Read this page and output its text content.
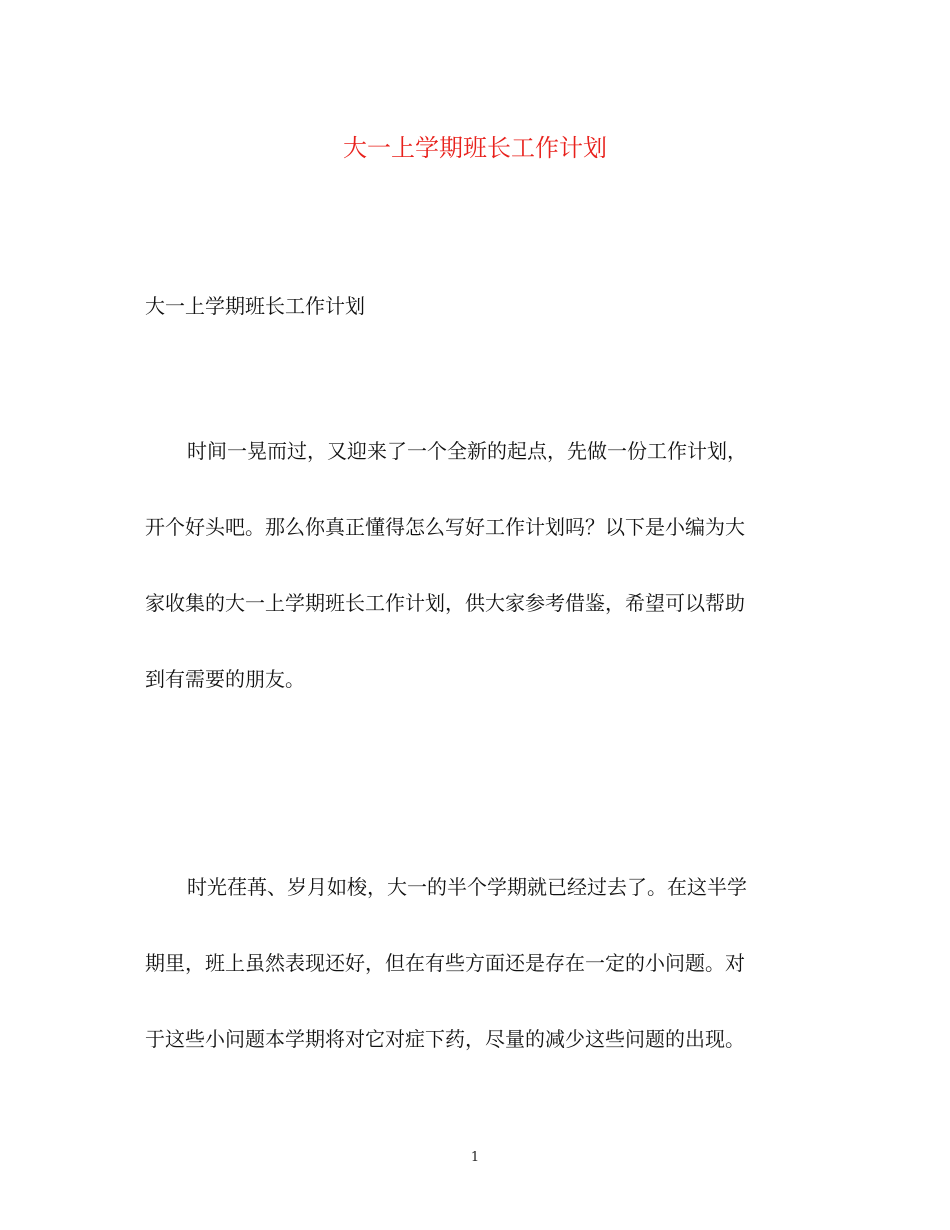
大一上学期班长工作计划
大一上学期班长工作计划
时间一晃而过，又迎来了一个全新的起点，先做一份工作计划，
开个好头吧。那么你真正懂得怎么写好工作计划吗？以下是小编为大
家收集的大一上学期班长工作计划，供大家参考借鉴，希望可以帮助
到有需要的朋友。
时光荏苒、岁月如梭，大一的半个学期就已经过去了。在这半学
期里，班上虽然表现还好，但在有些方面还是存在一定的小问题。对
于这些小问题本学期将对它对症下药，尽量的减少这些问题的出现。
1
